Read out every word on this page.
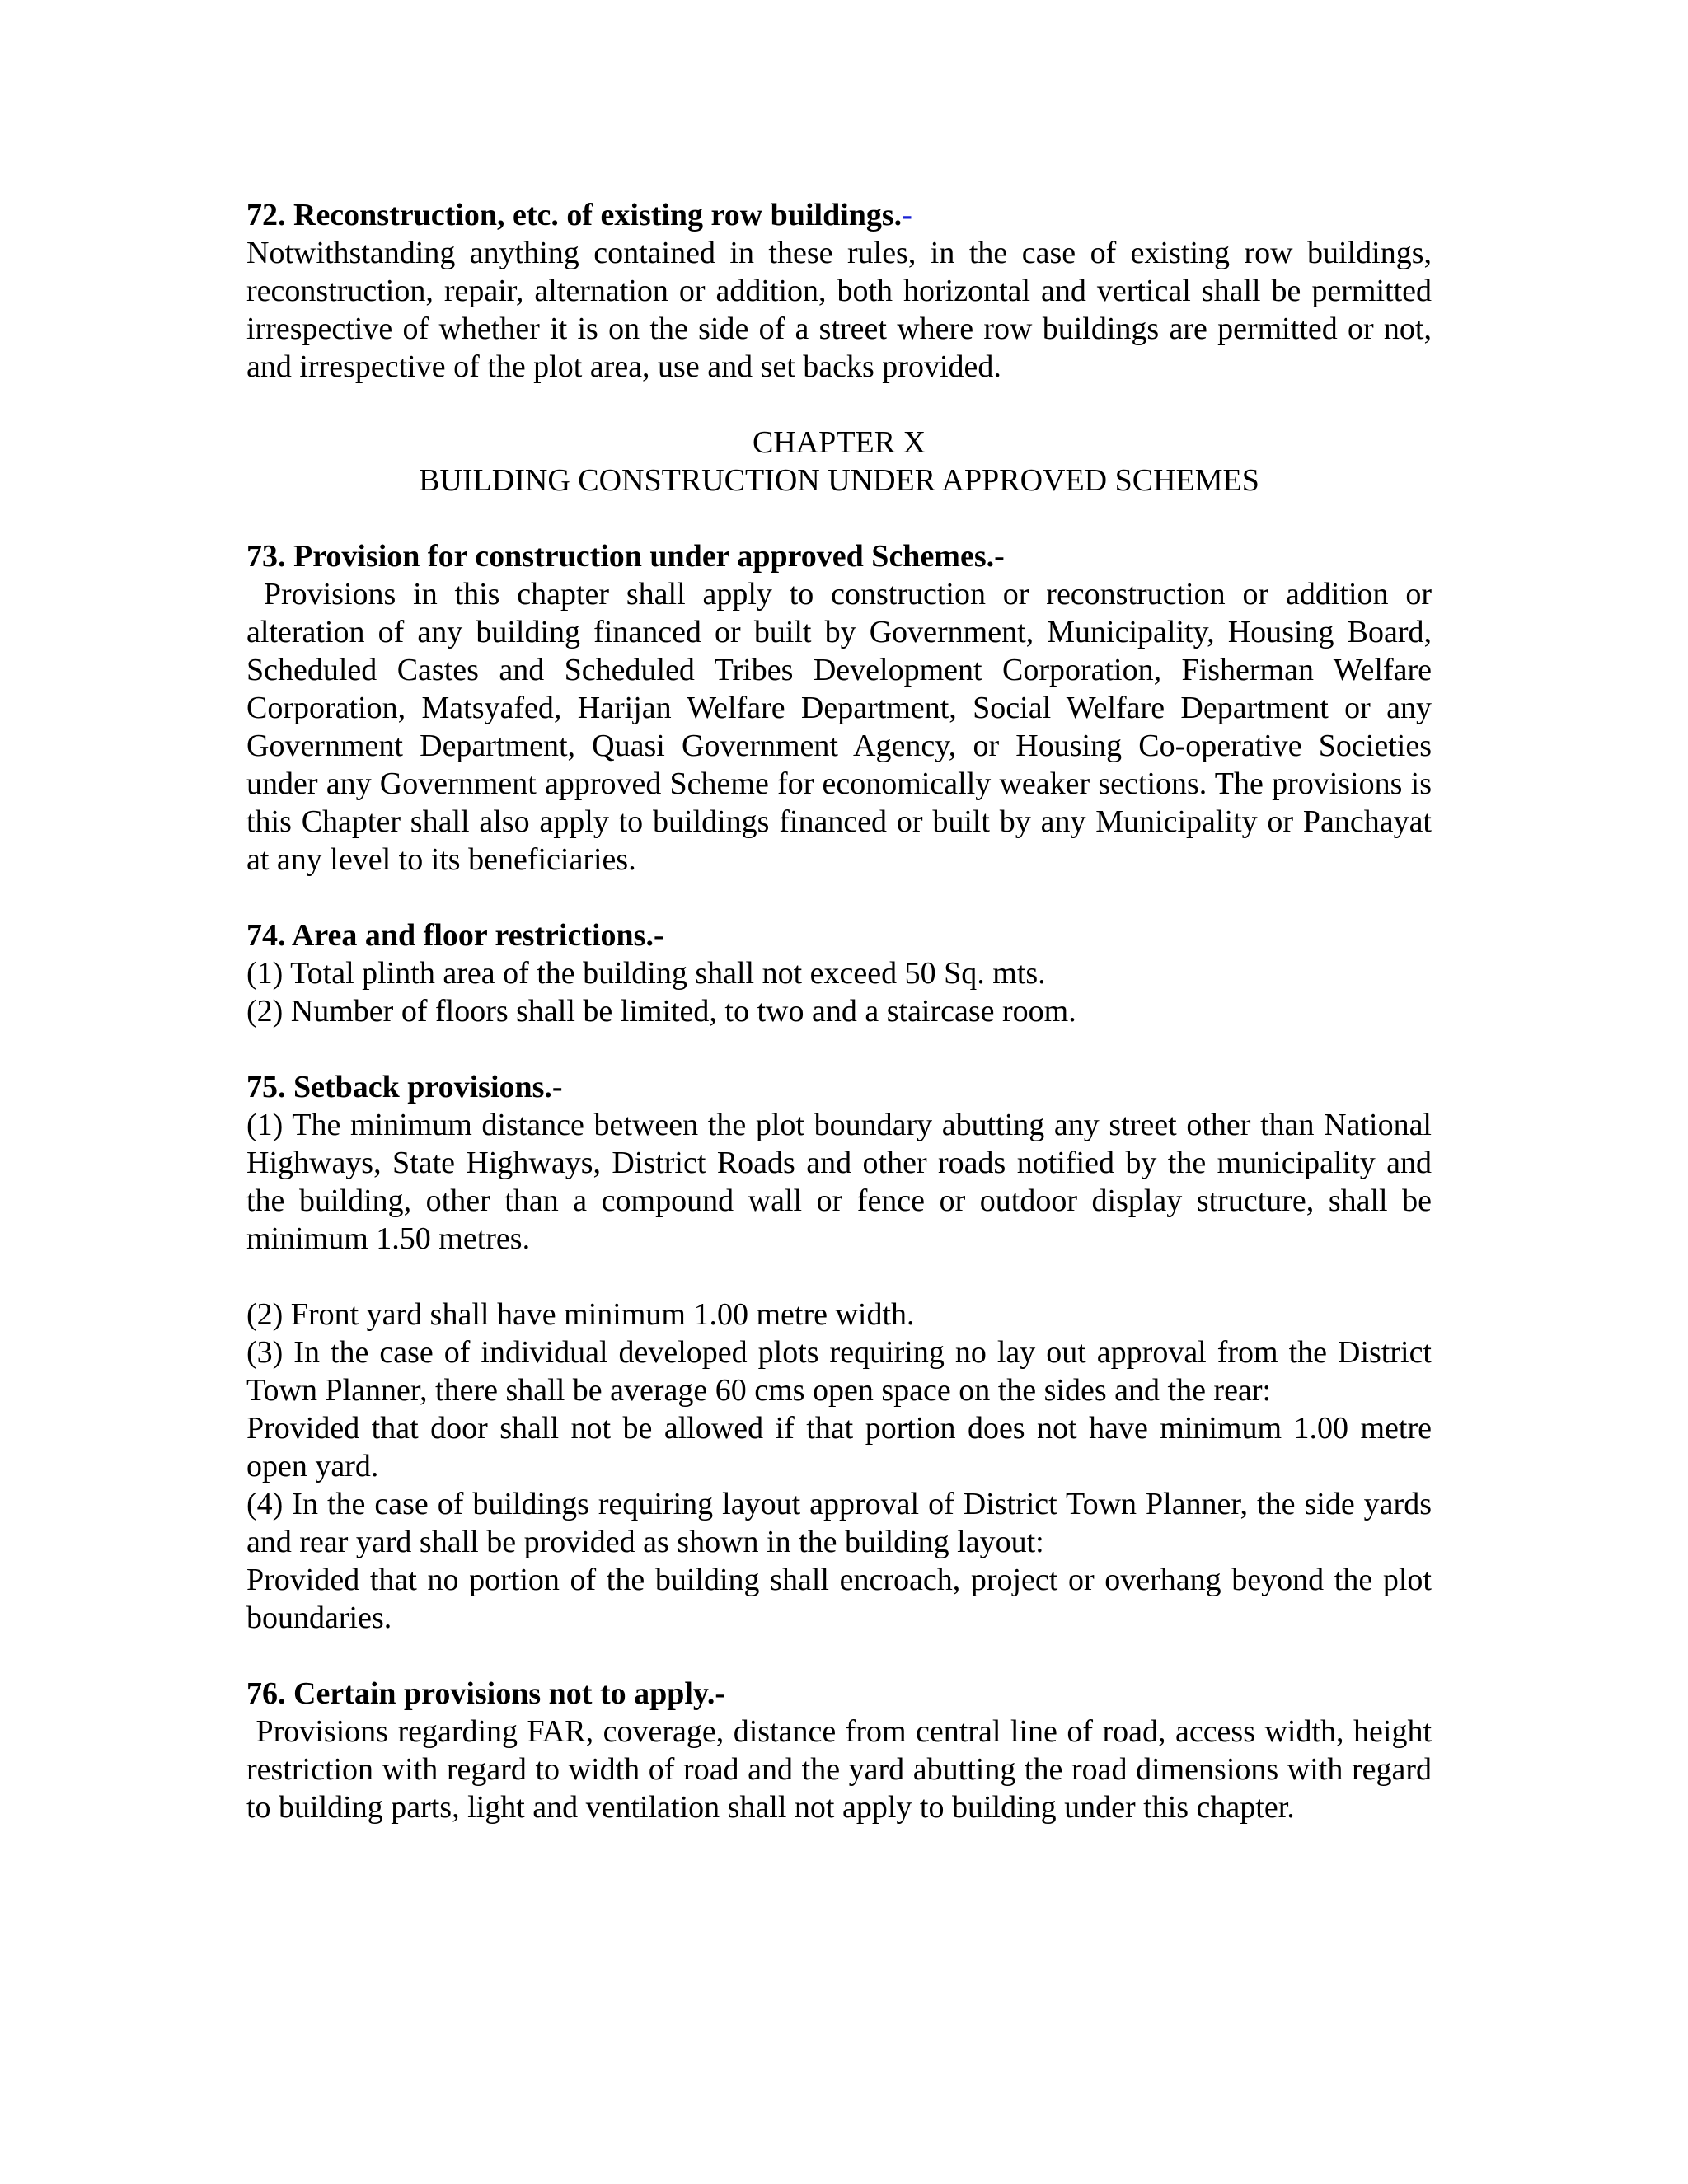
72. Reconstruction, etc. of existing row buildings.-

Notwithstanding anything contained in these rules, in the case of existing row buildings, reconstruction, repair, alternation or addition, both horizontal and vertical shall be permitted irrespective of whether it is on the side of a street where row buildings are permitted or not, and irrespective of the plot area, use and set backs provided.

CHAPTER X

BUILDING CONSTRUCTION UNDER APPROVED SCHEMES

73. Provision for construction under approved Schemes.-

Provisions in this chapter shall apply to construction or reconstruction or addition or alteration of any building financed or built by Government, Municipality, Housing Board, Scheduled Castes and Scheduled Tribes Development Corporation, Fisherman Welfare Corporation, Matsyafed, Harijan Welfare Department, Social Welfare Department or any Government Department, Quasi Government Agency, or Housing Co-operative Societies under any Government approved Scheme for economically weaker sections. The provisions is this Chapter shall also apply to buildings financed or built by any Municipality or Panchayat at any level to its beneficiaries.

74. Area and floor restrictions.-

(1) Total plinth area of the building shall not exceed 50 Sq. mts.

(2) Number of floors shall be limited, to two and a staircase room.

75. Setback provisions.-

(1) The minimum distance between the plot boundary abutting any street other than National Highways, State Highways, District Roads and other roads notified by the municipality and the building, other than a compound wall or fence or outdoor display structure, shall be minimum 1.50 metres.

(2) Front yard shall have minimum 1.00 metre width.

(3) In the case of individual developed plots requiring no lay out approval from the District Town Planner, there shall be average 60 cms open space on the sides and the rear:

Provided that door shall not be allowed if that portion does not have minimum 1.00 metre open yard.

(4) In the case of buildings requiring layout approval of District Town Planner, the side yards and rear yard shall be provided as shown in the building layout:

Provided that no portion of the building shall encroach, project or overhang beyond the plot boundaries.

76. Certain provisions not to apply.-

Provisions regarding FAR, coverage, distance from central line of road, access width, height restriction with regard to width of road and the yard abutting the road dimensions with regard to building parts, light and ventilation shall not apply to building under this chapter.
